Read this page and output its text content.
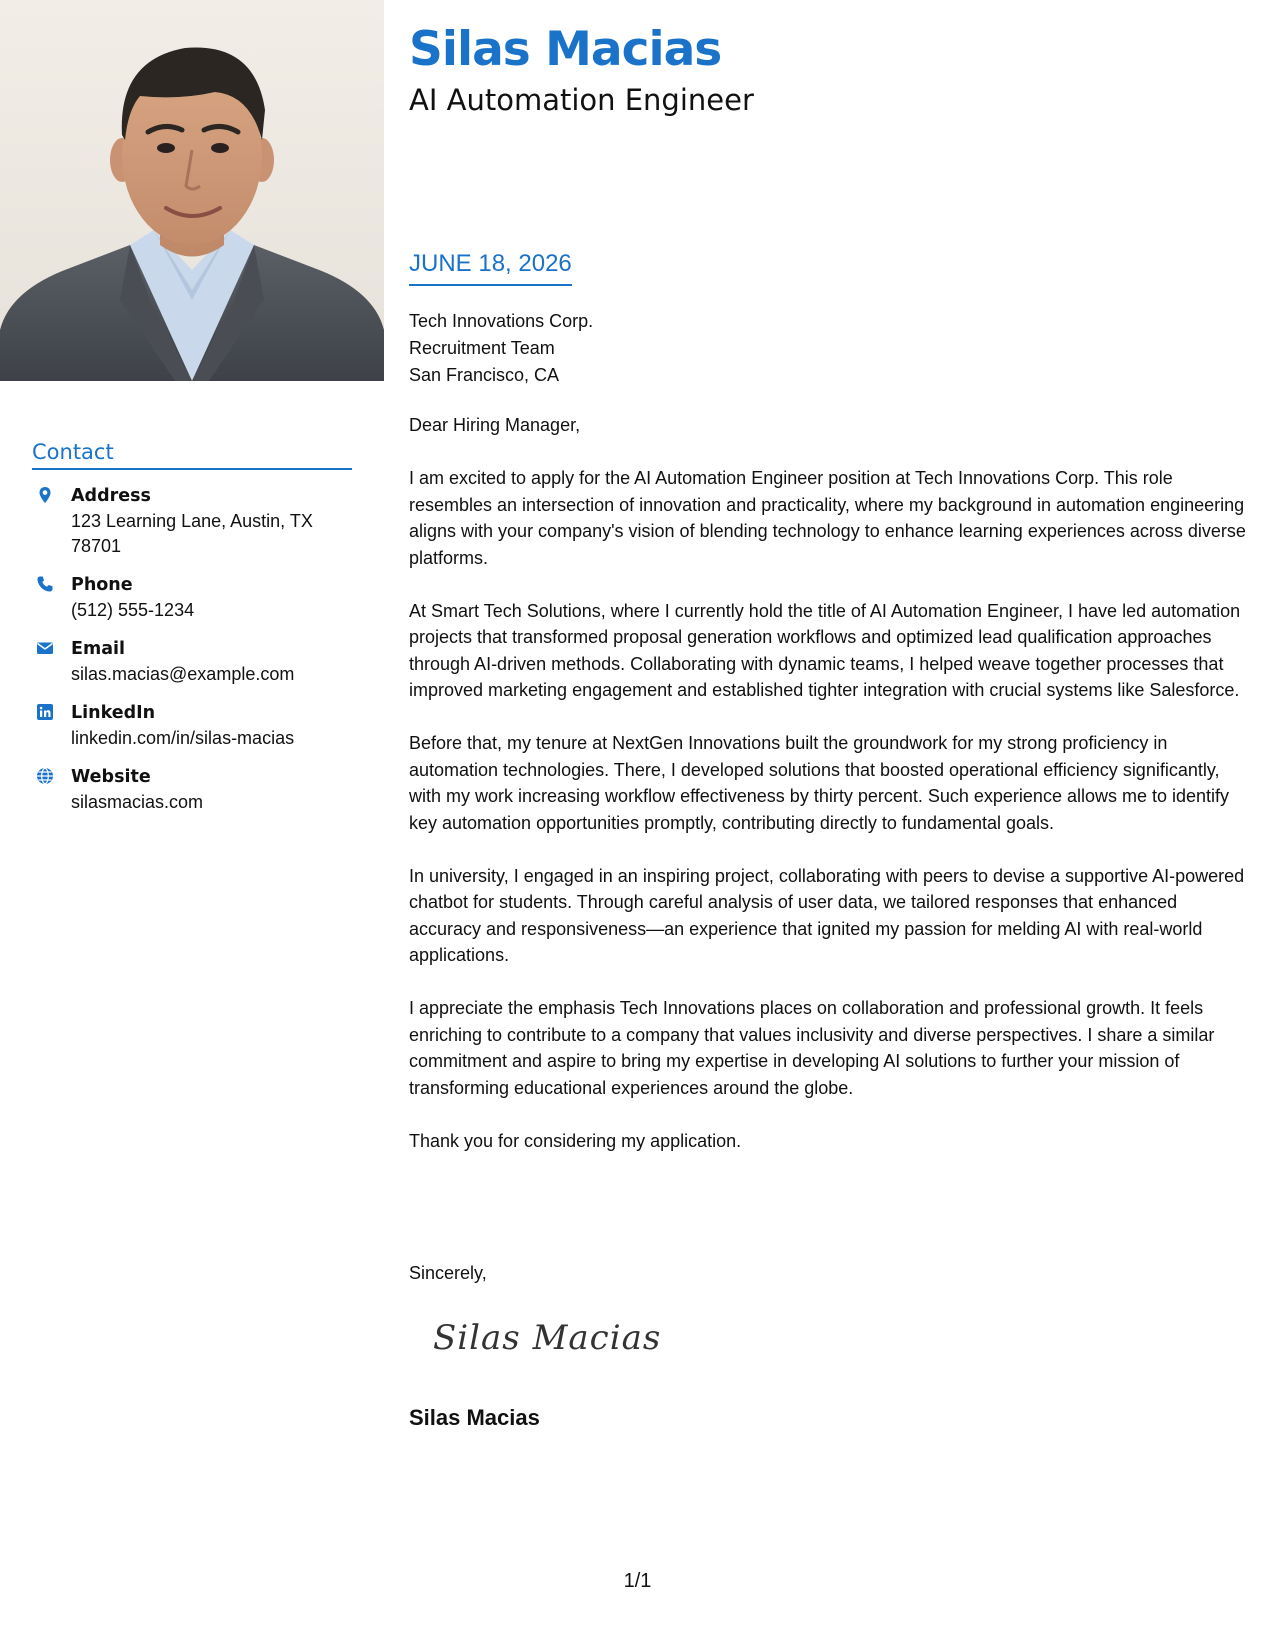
Contact
Address
123 Learning Lane, Austin, TX 78701
Phone
(512) 555-1234
Email
silas.macias@example.com
LinkedIn
linkedin.com/in/silas-macias
Website
silasmacias.com
Silas Macias
AI Automation Engineer
JUNE 18, 2026
Tech Innovations Corp.
Recruitment Team
San Francisco, CA

Dear Hiring Manager,

I am excited to apply for the AI Automation Engineer position at Tech Innovations Corp. This role resembles an intersection of innovation and practicality, where my background in automation engineering aligns with your company's vision of blending technology to enhance learning experiences across diverse platforms.

At Smart Tech Solutions, where I currently hold the title of AI Automation Engineer, I have led automation projects that transformed proposal generation workflows and optimized lead qualification approaches through AI-driven methods. Collaborating with dynamic teams, I helped weave together processes that improved marketing engagement and established tighter integration with crucial systems like Salesforce.

Before that, my tenure at NextGen Innovations built the groundwork for my strong proficiency in automation technologies. There, I developed solutions that boosted operational efficiency significantly, with my work increasing workflow effectiveness by thirty percent. Such experience allows me to identify key automation opportunities promptly, contributing directly to fundamental goals.

In university, I engaged in an inspiring project, collaborating with peers to devise a supportive AI-powered chatbot for students. Through careful analysis of user data, we tailored responses that enhanced accuracy and responsiveness—an experience that ignited my passion for melding AI with real-world applications.

I appreciate the emphasis Tech Innovations places on collaboration and professional growth. It feels enriching to contribute to a company that values inclusivity and diverse perspectives. I share a similar commitment and aspire to bring my expertise in developing AI solutions to further your mission of transforming educational experiences around the globe.

Thank you for considering my application.

Sincerely,
Silas Macias
Silas Macias
1/1
